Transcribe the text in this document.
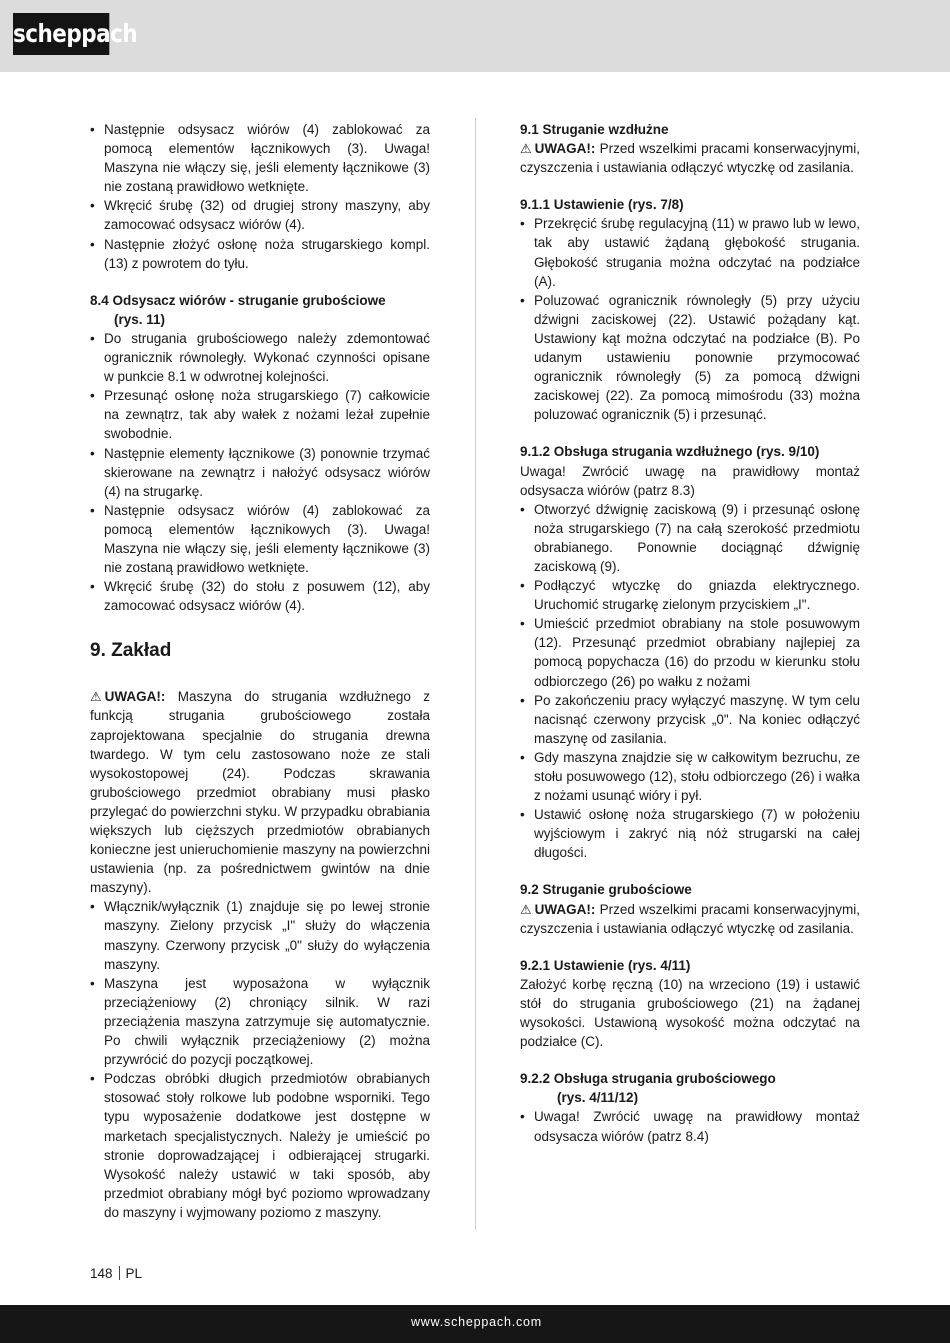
scheppach
• Następnie odsysacz wiórów (4) zablokować za pomocą elementów łącznikowych (3). Uwaga! Maszyna nie włączy się, jeśli elementy łącznikowe (3) nie zostaną prawidłowo wetknięte.
• Wkręcić śrubę (32) od drugiej strony maszyny, aby zamocować odsysacz wiórów (4).
• Następnie złożyć osłonę noża strugarskiego kompl. (13) z powrotem do tyłu.
8.4 Odsysacz wiórów - struganie grubościowe
(rys. 11)
• Do strugania grubościowego należy zdemontować ogranicznik równoległy. Wykonać czynności opisane w punkcie 8.1 w odwrotnej kolejności.
• Przesunąć osłonę noża strugarskiego (7) całkowicie na zewnątrz, tak aby wałek z nożami leżał zupełnie swobodnie.
• Następnie elementy łącznikowe (3) ponownie trzymać skierowane na zewnątrz i nałożyć odsysacz wiórów (4) na strugarkę.
• Następnie odsysacz wiórów (4) zablokować za pomocą elementów łącznikowych (3). Uwaga! Maszyna nie włączy się, jeśli elementy łącznikowe (3) nie zostaną prawidłowo wetknięte.
• Wkręcić śrubę (32) do stołu z posuwem (12), aby zamocować odsysacz wiórów (4).
9. Zakład

⚠ UWAGA!: Maszyna do strugania wzdłużnego z funkcją strugania grubościowego została zaprojektowana specjalnie do strugania drewna twardego. W tym celu zastosowano noże ze stali wysokostopowej (24). Podczas skrawania grubościowego przedmiot obrabiany musi płasko przylegać do powierzchni styku. W przypadku obrabiania większych lub cięższych przedmiotów obrabianych konieczne jest unieruchomienie maszyny na powierzchni ustawienia (np. za pośrednictwem gwintów na dnie maszyny).

• Włącznik/wyłącznik (1) znajduje się po lewej stronie maszyny. Zielony przycisk „I" służy do włączenia maszyny. Czerwony przycisk „0" służy do wyłączenia maszyny.
• Maszyna jest wyposażona w wyłącznik przeciążeniowy (2) chroniący silnik. W razi przeciążenia maszyna zatrzymuje się automatycznie. Po chwili wyłącznik przeciążeniowy (2) można przywrócić do pozycji początkowej.
• Podczas obróbki długich przedmiotów obrabianych stosować stoły rolkowe lub podobne wsporniki. Tego typu wyposażenie dodatkowe jest dostępne w marketach specjalistycznych. Należy je umieścić po stronie doprowadzającej i odbierającej strugarki. Wysokość należy ustawić w taki sposób, aby przedmiot obrabiany mógł być poziomo wprowadzany do maszyny i wyjmowany poziomo z maszyny.
9.1 Struganie wzdłużne

⚠ UWAGA!: Przed wszelkimi pracami konserwacyjnymi, czyszczenia i ustawiania odłączyć wtyczkę od zasilania.

9.1.1 Ustawienie (rys. 7/8)
• Przekręcić śrubę regulacyjną (11) w prawo lub w lewo, tak aby ustawić żądaną głębokość strugania. Głębokość strugania można odczytać na podziałce (A).
• Poluzować ogranicznik równoległy (5) przy użyciu dźwigni zaciskowej (22). Ustawić pożądany kąt. Ustawiony kąt można odczytać na podziałce (B). Po udanym ustawieniu ponownie przymocować ogranicznik równoległy (5) za pomocą dźwigni zaciskowej (22). Za pomocą mimośrodu (33) można poluzować ogranicznik (5) i przesunąć.
9.1.2 Obsługa strugania wzdłużnego (rys. 9/10)

Uwaga! Zwrócić uwagę na prawidłowy montaż odsysacza wiórów (patrz 8.3)

• Otworzyć dźwignię zaciskową (9) i przesunąć osłonę noża strugarskiego (7) na całą szerokość przedmiotu obrabianego. Ponownie dociągnąć dźwignię zaciskową (9).
• Podłączyć wtyczkę do gniazda elektrycznego. Uruchomić strugarkę zielonym przyciskiem „I".
• Umieścić przedmiot obrabiany na stole posuwowym (12). Przesunąć przedmiot obrabiany najlepiej za pomocą popychacza (16) do przodu w kierunku stołu odbiorczego (26) po wałku z nożami
• Po zakończeniu pracy wyłączyć maszynę. W tym celu nacisnąć czerwony przycisk „0". Na koniec odłączyć maszynę od zasilania.
• Gdy maszyna znajdzie się w całkowitym bezruchu, ze stołu posuwowego (12), stołu odbiorczego (26) i wałka z nożami usunąć wióry i pył.
• Ustawić osłonę noża strugarskiego (7) w położeniu wyjściowym i zakryć nią nóż strugarski na całej długości.
9.2 Struganie grubościowe

⚠ UWAGA!: Przed wszelkimi pracami konserwacyjnymi, czyszczenia i ustawiania odłączyć wtyczkę od zasilania.

9.2.1 Ustawienie (rys. 4/11)

Założyć korbę ręczną (10) na wrzeciono (19) i ustawić stół do strugania grubościowego (21) na żądanej wysokości. Ustawioną wysokość można odczytać na podziałce (C).

9.2.2 Obsługa strugania grubościowego
(rys. 4/11/12)
• Uwaga! Zwrócić uwagę na prawidłowy montaż odsysacza wiórów (patrz 8.4)
148 PL
www.scheppach.com
